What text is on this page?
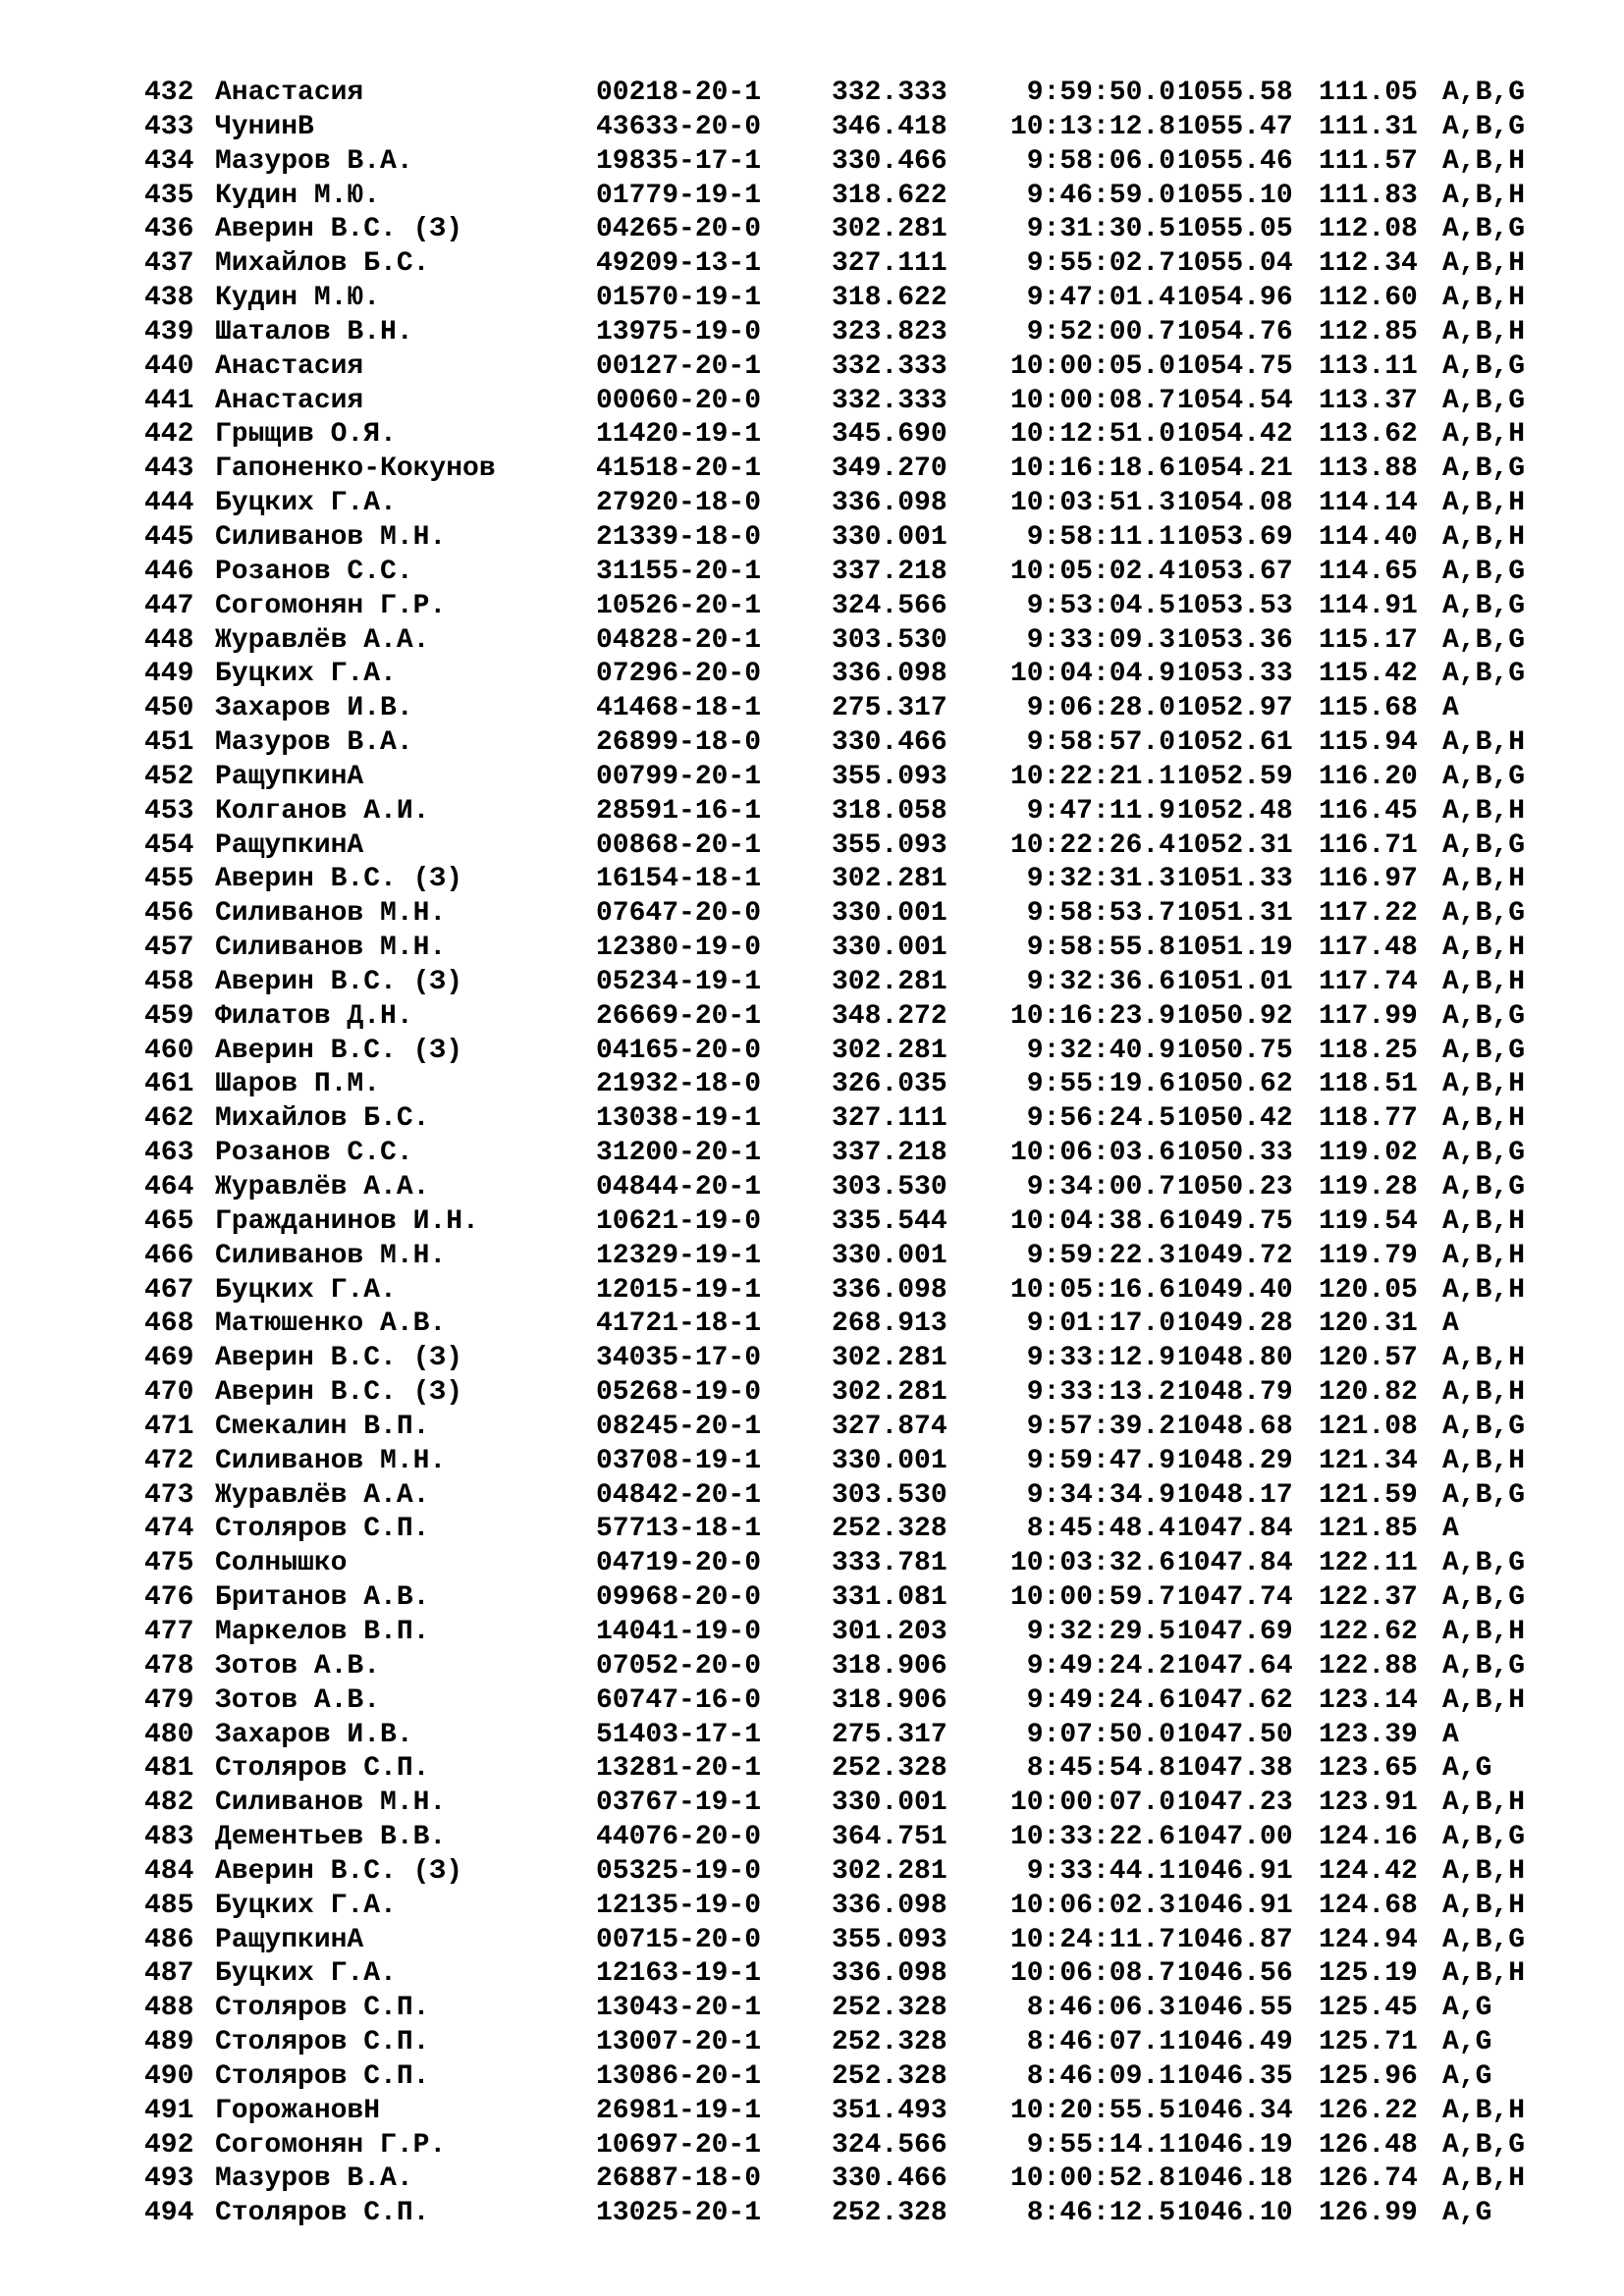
432 Анастасия	00218-20-1	332.333	9:59:50.0 1055.58 111.05 A,B,G
433 ЧунинВ	43633-20-0	346.418	10:13:12.8 1055.47 111.31 A,B,G
434 Мазуров В.А.	19835-17-1	330.466	9:58:06.0 1055.46 111.57 A,B,H
435 Кудин М.Ю.	01779-19-1	318.622	9:46:59.0 1055.10 111.83 A,B,H
436 Аверин В.С. (З)	04265-20-0	302.281	9:31:30.5 1055.05 112.08 A,B,G
437 Михайлов Б.С.	49209-13-1	327.111	9:55:02.7 1055.04 112.34 A,B,H
438 Кудин М.Ю.	01570-19-1	318.622	9:47:01.4 1054.96 112.60 A,B,H
439 Шаталов В.Н.	13975-19-0	323.823	9:52:00.7 1054.76 112.85 A,B,H
440 Анастасия	00127-20-1	332.333	10:00:05.0 1054.75 113.11 A,B,G
441 Анастасия	00060-20-0	332.333	10:00:08.7 1054.54 113.37 A,B,G
442 Грыщив О.Я.	11420-19-1	345.690	10:12:51.0 1054.42 113.62 A,B,H
443 Гапоненко-Кокунов	41518-20-1	349.270	10:16:18.6 1054.21 113.88 A,B,G
444 Буцких Г.А.	27920-18-0	336.098	10:03:51.3 1054.08 114.14 A,B,H
445 Силиванов М.Н.	21339-18-0	330.001	9:58:11.1 1053.69 114.40 A,B,H
446 Розанов С.С.	31155-20-1	337.218	10:05:02.4 1053.67 114.65 A,B,G
447 Согомонян Г.Р.	10526-20-1	324.566	9:53:04.5 1053.53 114.91 A,B,G
448 Журавлёв А.А.	04828-20-1	303.530	9:33:09.3 1053.36 115.17 A,B,G
449 Буцких Г.А.	07296-20-0	336.098	10:04:04.9 1053.33 115.42 A,B,G
450 Захаров И.В.	41468-18-1	275.317	9:06:28.0 1052.97 115.68 A
451 Мазуров В.А.	26899-18-0	330.466	9:58:57.0 1052.61 115.94 A,B,H
452 РащупкинА	00799-20-1	355.093	10:22:21.1 1052.59 116.20 A,B,G
453 Колганов А.И.	28591-16-1	318.058	9:47:11.9 1052.48 116.45 A,B,H
454 РащупкинА	00868-20-1	355.093	10:22:26.4 1052.31 116.71 A,B,G
455 Аверин В.С. (З)	16154-18-1	302.281	9:32:31.3 1051.33 116.97 A,B,H
456 Силиванов М.Н.	07647-20-0	330.001	9:58:53.7 1051.31 117.22 A,B,G
457 Силиванов М.Н.	12380-19-0	330.001	9:58:55.8 1051.19 117.48 A,B,H
458 Аверин В.С. (З)	05234-19-1	302.281	9:32:36.6 1051.01 117.74 A,B,H
459 Филатов Д.Н.	26669-20-1	348.272	10:16:23.9 1050.92 117.99 A,B,G
460 Аверин В.С. (З)	04165-20-0	302.281	9:32:40.9 1050.75 118.25 A,B,G
461 Шаров П.М.	21932-18-0	326.035	9:55:19.6 1050.62 118.51 A,B,H
462 Михайлов Б.С.	13038-19-1	327.111	9:56:24.5 1050.42 118.77 A,B,H
463 Розанов С.С.	31200-20-1	337.218	10:06:03.6 1050.33 119.02 A,B,G
464 Журавлёв А.А.	04844-20-1	303.530	9:34:00.7 1050.23 119.28 A,B,G
465 Гражданинов И.Н.	10621-19-0	335.544	10:04:38.6 1049.75 119.54 A,B,H
466 Силиванов М.Н.	12329-19-1	330.001	9:59:22.3 1049.72 119.79 A,B,H
467 Буцких Г.А.	12015-19-1	336.098	10:05:16.6 1049.40 120.05 A,B,H
468 Матюшенко А.В.	41721-18-1	268.913	9:01:17.0 1049.28 120.31 A
469 Аверин В.С. (З)	34035-17-0	302.281	9:33:12.9 1048.80 120.57 A,B,H
470 Аверин В.С. (З)	05268-19-0	302.281	9:33:13.2 1048.79 120.82 A,B,H
471 Смекалин В.П.	08245-20-1	327.874	9:57:39.2 1048.68 121.08 A,B,G
472 Силиванов М.Н.	03708-19-1	330.001	9:59:47.9 1048.29 121.34 A,B,H
473 Журавлёв А.А.	04842-20-1	303.530	9:34:34.9 1048.17 121.59 A,B,G
474 Столяров С.П.	57713-18-1	252.328	8:45:48.4 1047.84 121.85 A
475 Солнышко	04719-20-0	333.781	10:03:32.6 1047.84 122.11 A,B,G
476 Британов А.В.	09968-20-0	331.081	10:00:59.7 1047.74 122.37 A,B,G
477 Маркелов В.П.	14041-19-0	301.203	9:32:29.5 1047.69 122.62 A,B,H
478 Зотов А.В.	07052-20-0	318.906	9:49:24.2 1047.64 122.88 A,B,G
479 Зотов А.В.	60747-16-0	318.906	9:49:24.6 1047.62 123.14 A,B,H
480 Захаров И.В.	51403-17-1	275.317	9:07:50.0 1047.50 123.39 A
481 Столяров С.П.	13281-20-1	252.328	8:45:54.8 1047.38 123.65 A,G
482 Силиванов М.Н.	03767-19-1	330.001	10:00:07.0 1047.23 123.91 A,B,H
483 Дементьев В.В.	44076-20-0	364.751	10:33:22.6 1047.00 124.16 A,B,G
484 Аверин В.С. (З)	05325-19-0	302.281	9:33:44.1 1046.91 124.42 A,B,H
485 Буцких Г.А.	12135-19-0	336.098	10:06:02.3 1046.91 124.68 A,B,H
486 РащупкинА	00715-20-0	355.093	10:24:11.7 1046.87 124.94 A,B,G
487 Буцких Г.А.	12163-19-1	336.098	10:06:08.7 1046.56 125.19 A,B,H
488 Столяров С.П.	13043-20-1	252.328	8:46:06.3 1046.55 125.45 A,G
489 Столяров С.П.	13007-20-1	252.328	8:46:07.1 1046.49 125.71 A,G
490 Столяров С.П.	13086-20-1	252.328	8:46:09.1 1046.35 125.96 A,G
491 ГорожановН	26981-19-1	351.493	10:20:55.5 1046.34 126.22 A,B,H
492 Согомонян Г.Р.	10697-20-1	324.566	9:55:14.1 1046.19 126.48 A,B,G
493 Мазуров В.А.	26887-18-0	330.466	10:00:52.8 1046.18 126.74 A,B,H
494 Столяров С.П.	13025-20-1	252.328	8:46:12.5 1046.10 126.99 A,G
